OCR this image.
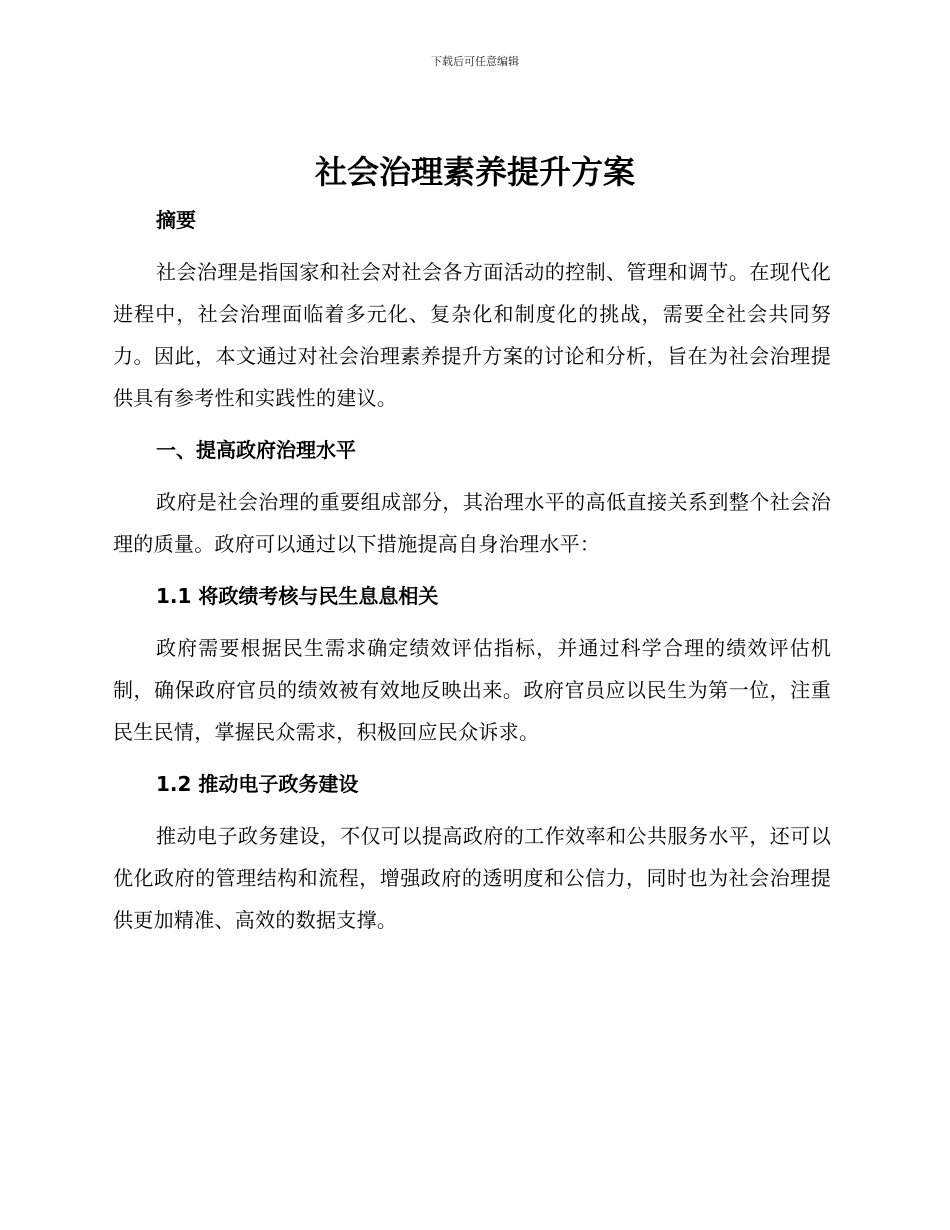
下载后可任意编辑
社会治理素养提升方案
摘要

社会治理是指国家和社会对社会各方面活动的控制、管理和调节。在现代化进程中，社会治理面临着多元化、复杂化和制度化的挑战，需要全社会共同努力。因此，本文通过对社会治理素养提升方案的讨论和分析，旨在为社会治理提供具有参考性和实践性的建议。

一、提高政府治理水平

政府是社会治理的重要组成部分，其治理水平的高低直接关系到整个社会治理的质量。政府可以通过以下措施提高自身治理水平：

1.1 将政绩考核与民生息息相关

政府需要根据民生需求确定绩效评估指标，并通过科学合理的绩效评估机制，确保政府官员的绩效被有效地反映出来。政府官员应以民生为第一位，注重民生民情，掌握民众需求，积极回应民众诉求。

1.2 推动电子政务建设

推动电子政务建设，不仅可以提高政府的工作效率和公共服务水平，还可以优化政府的管理结构和流程，增强政府的透明度和公信力，同时也为社会治理提供更加精准、高效的数据支撑。
